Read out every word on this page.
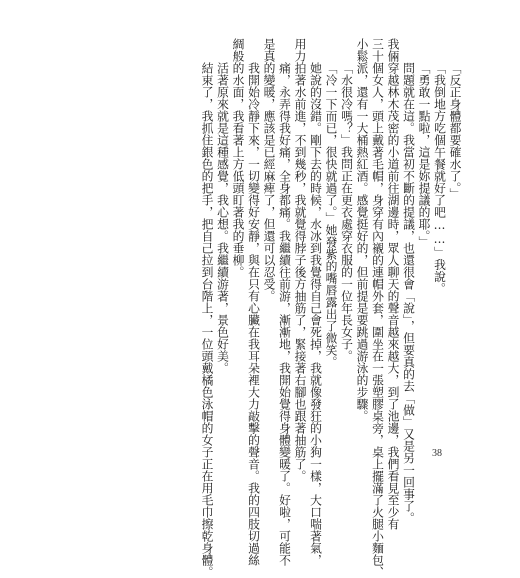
「反正身體都要確水了。」
「我倒地方吃個午餐就好了吧……」我說。
「勇敢一點啦，這是妳提議的耶。」
問題就在這。我當初不斷的提議，也還很會「說」，但要真的去「做」又是另一回事了。
我倆穿越林木茂密的小道前往湖邊時，眾人聊天的聲音越來越大，到了池邊，我們看見至少有
三十個女人，頭上戴著毛帽，身穿有內襯的連帽外套，圍坐在一張塑膠桌旁，桌上擺滿了火腿小麵包、
小鬆派，還有一大桶熱紅酒。感覺挺好的，但前提是要跳過游泳的步驟。
「水很冷嗎？」我問正在更衣處穿衣服的一位年長女子。
「冷一下而已，很快就過了。」她發紫的嘴唇露出了微笑。
她說的沒錯。剛下去的時候，水冰到我覺得自己會死掉，我就像發狂的小狗一樣，大口喘著氣，
用力拍著水前進，不到幾秒，我就覺得脖子後方抽筋了，緊接著右腳也跟著抽筋了。
痛，永弄得我好痛，全身都痛。我繼續往前游，漸漸地，我開始覺得身體變暖了。好啦，可能不
是真的變暖，應該是已經麻痺了，但還可以忍受。
我開始冷靜下來，一切變得好安靜，與在只有心臟在我耳朵裡大力敲擊的聲音。我的四肢切過絲
綢般的水面，我看著上方低頭盯著我的垂柳。
活著原來就是這種感覺，我心想。我繼續游著，景色好美。
結束了，我抓住銀色的把手，把自己拉到台階上，一位頭戴橘色泳帽的女子正在用毛巾擦乾身體。	38
